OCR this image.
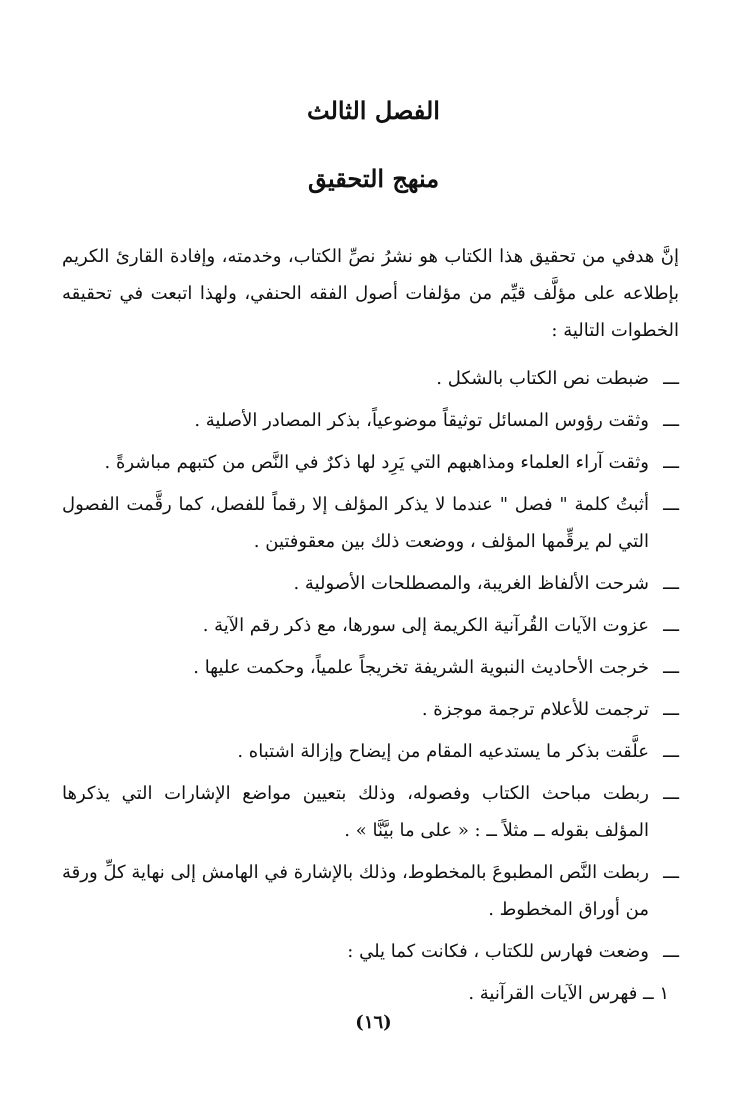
الفصل الثالث
منهج التحقيق

إنَّ هدفي من تحقيق هذا الكتاب هو نشرُ نصِّ الكتاب، وخدمته، وإفادة القارئ الكريم بإطلاعه على مؤلَّف قيِّم من مؤلفات أصول الفقه الحنفي، ولهذا اتبعت في تحقيقه الخطوات التالية :

ـــضبطت نص الكتاب بالشكل .
ـــوثقت رؤوس المسائل توثيقاً موضوعياً، بذكر المصادر الأصلية .
ـــوثقت آراء العلماء ومذاهبهم التي يَرِد لها ذكرٌ في النَّص من كتبهم مباشرةً .
ـــأثبتُ كلمة " فصل " عندما لا يذكر المؤلف إلا رقماً للفصل، كما رقَّمت الفصول التي لم يرقِّمها المؤلف ، ووضعت ذلك بين معقوفتين .
ـــشرحت الألفاظ الغريبة، والمصطلحات الأصولية .
ـــعزوت الآيات القُرآنية الكريمة إلى سورها، مع ذكر رقم الآية .
ـــخرجت الأحاديث النبوية الشريفة تخريجاً علمياً، وحكمت عليها .
ـــترجمت للأعلام ترجمة موجزة .
ـــعلَّقت بذكر ما يستدعيه المقام من إيضاح وإزالة اشتباه .
ـــربطت مباحث الكتاب وفصوله، وذلك بتعيين مواضع الإشارات التي يذكرها المؤلف بقوله ــ مثلاً ــ : « على ما بيَّنَّا » .
ـــربطت النَّص المطبوعَ بالمخطوط، وذلك بالإشارة في الهامش إلى نهاية كلِّ ورقة من أوراق المخطوط .
ـــوضعت فهارس للكتاب ، فكانت كما يلي :
١ ــ فهرس الآيات القرآنية .
(١٦)
